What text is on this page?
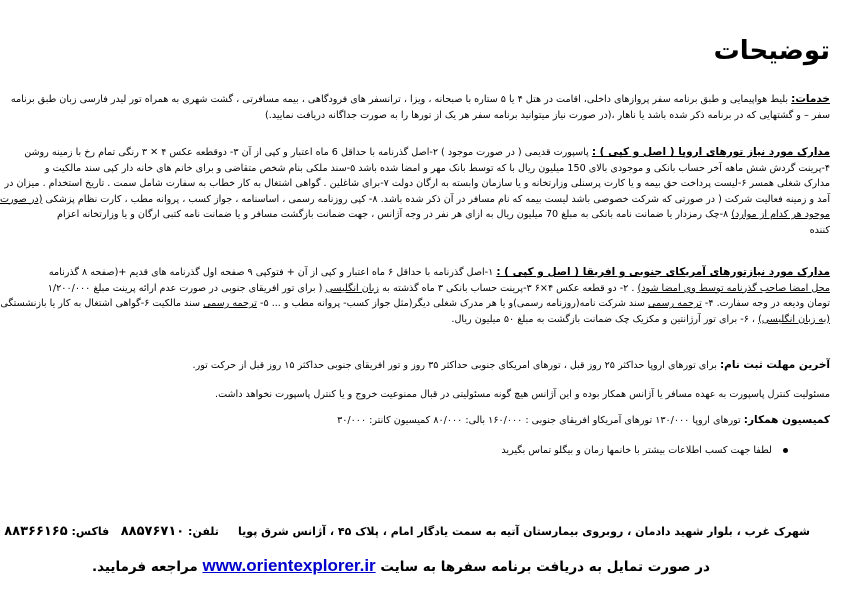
توضیحات
خدمات: بلیط هواپیمایی و طبق برنامه سفر پروازهای داخلی، اقامت در هتل ۴ یا ۵ ستاره با صبحانه ، ویزا ، ترانسفر های فرودگاهی ، بیمه مسافرتی ، گشت شهری به همراه تور لیدر فارسی زبان طبق برنامه
سفر – و گشتهایی که در برنامه ذکر شده باشد یا ناهار ،(در صورت نیاز میتوانید برنامه سفر هر یک از تورها را به صورت جداگانه دریافت نمایید.)
مدارک مورد نیاز تورهای اروپا ( اصل و کپی ) : پاسپورت قدیمی ( در صورت موجود ) ۲-اصل گذرنامه با حداقل 6 ماه اعتبار و کپی از آن ۳- دوقطعه عکس ۴ ✕ ۳ رنگی تمام رخ با زمینه روشن
۴-پرینت گردش شش ماهه آخر حساب بانکی و موجودی بالای 150 میلیون ریال با که توسط بانک مهر و امضا شده باشد ۵-سند ملکی بنام شخص متقاضی و برای خانم های خانه دار کپی سند مالکیت و
مدارک شغلی همسر ۶-لیست پرداخت حق بیمه و یا کارت پرسنلی وزارتخانه و یا سازمان وابسته به ارگان دولت ۷-برای شاغلین . گواهی اشتغال به کار خطاب به سفارت شامل سمت . تاریخ استخدام . میزان در
آمد و زمینه فعالیت شرکت ( در صورتی که شرکت خصوصی باشد لیست بیمه که نام مسافر در آن ذکر شده باشد. ۸- کپی روزنامه رسمی ، اساسنامه ، جواز کسب ، پروانه مطب ، کارت نظام پزشکی (در صورت
موجود هر کدام از موارد) ۸-چک رمزدار یا ضمانت نامه بانکی به مبلغ 70 میلیون ریال به ازای هر نفر در وجه آژانس ، جهت ضمانت بازگشت مسافر و یا ضمانت نامه کتبی ارگان و یا وزارتخانه اعزام
کننده
مدارک مورد نیازتورهای آمریکای جنوبی و افریقا ( اصل و کپی ) : ۱-اصل گذرنامه با حداقل ۶ ماه اعتبار و کپی از آن + فتوکپی ۹ صفحه اول گذرنامه های قدیم +(صفحه ۸ گذرنامه
محل امضا صاحب گذرنامه توسط وی امضا شود) . ۲- دو قطعه عکس ۴×۶ ۳-پرینت حساب بانکی ۳ ماه گذشته به زبان انگلیسی ( برای تور افریقای جنوبی در صورت عدم ارائه پرینت مبلغ ۱/۲۰۰/۰۰۰
تومان ودیعه در وجه سفارت. ۴- ترجمه رسمی سند شرکت نامه(روزنامه رسمی)و یا هر مدرک شغلی دیگر(مثل جواز کسب- پروانه مطب و ... ۵- ترجمه رسمی سند مالکیت ۶-گواهی اشتغال به کار یا بازنشستگی
(به زبان انگلیسی) ، ۶- برای تور آرژانتین و مکزیک چک ضمانت بازگشت به مبلغ ۵۰ میلیون ریال.
آخرین مهلت ثبت نام: برای تورهای اروپا حداکثر ۲۵ روز قبل ، تورهای امریکای جنوبی حداکثر ۳۵ روز و تور افریقای جنوبی حداکثر ۱۵ روز قبل از حرکت تور.
مسئولیت کنترل پاسپورت به عهده مسافر یا آژانس همکار بوده و این آژانس هیچ گونه مسئولیتی در قبال ممنوعیت خروج و یا کنترل پاسپورت نخواهد داشت.
کمیسیون همکار: تورهای اروپا ۱۳۰/۰۰۰ تورهای آمریکاو افریقای جنوبی : ۱۶۰/۰۰۰ بالی: ۸۰/۰۰۰ کمیسیون کانتر: ۳۰/۰۰۰
لطفا جهت کسب اطلاعات بیشتر با خانمها زمان و بیگلو تماس بگیرید
شهرک غرب ، بلوار شهید دادمان ، روبروی بیمارستان آتیه به سمت یادگار امام ، پلاک ۴۵ ، آژانس شرق پویا     تلفن: ۸۸۵۷۶۷۱۰   فاکس: ۸۸۳۶۶۱۶۵
در صورت تمایل به دریافت برنامه سفرها به سایت www.orientexplorer.ir مراجعه فرمایید.
